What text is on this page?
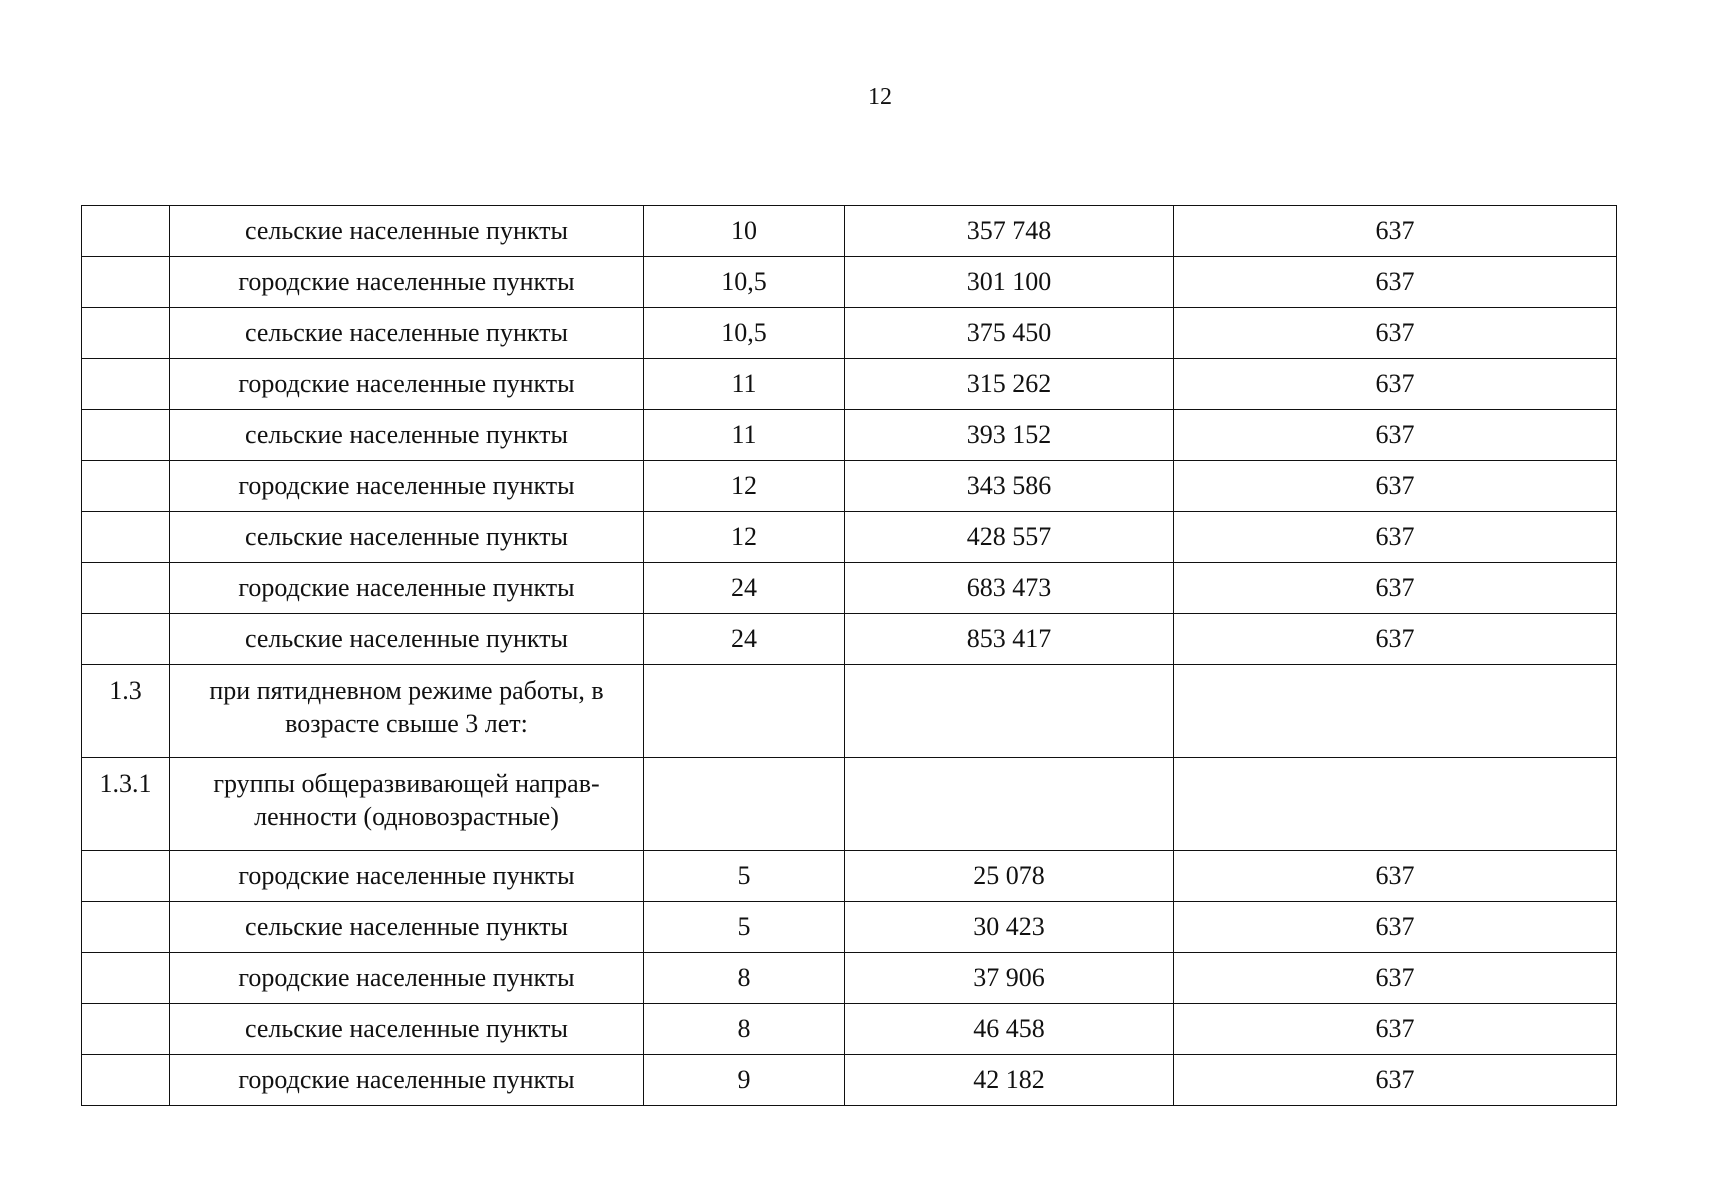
12
	сельские населенные пункты	10	357 748	637
	городские населенные пункты	10,5	301 100	637
	сельские населенные пункты	10,5	375 450	637
	городские населенные пункты	11	315 262	637
	сельские населенные пункты	11	393 152	637
	городские населенные пункты	12	343 586	637
	сельские населенные пункты	12	428 557	637
	городские населенные пункты	24	683 473	637
	сельские населенные пункты	24	853 417	637
1.3	при пятидневном режиме работы, в возрасте свыше 3 лет:			
1.3.1	группы общеразвивающей направ-ленности (одновозрастные)			
	городские населенные пункты	5	25 078	637
	сельские населенные пункты	5	30 423	637
	городские населенные пункты	8	37 906	637
	сельские населенные пункты	8	46 458	637
	городские населенные пункты	9	42 182	637
